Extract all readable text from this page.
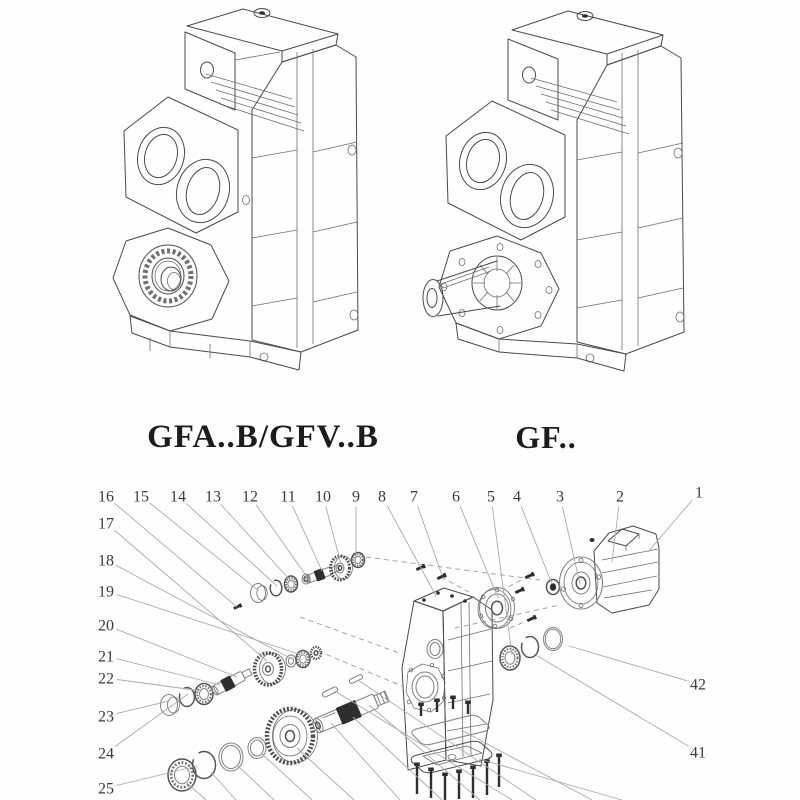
GFA..B/GFV..B	GF..
1
2
3
4
5
6
7
8
9
10
11
12
13
14
15
16
17
18
19
20
21
22
23
24
25
41
42
